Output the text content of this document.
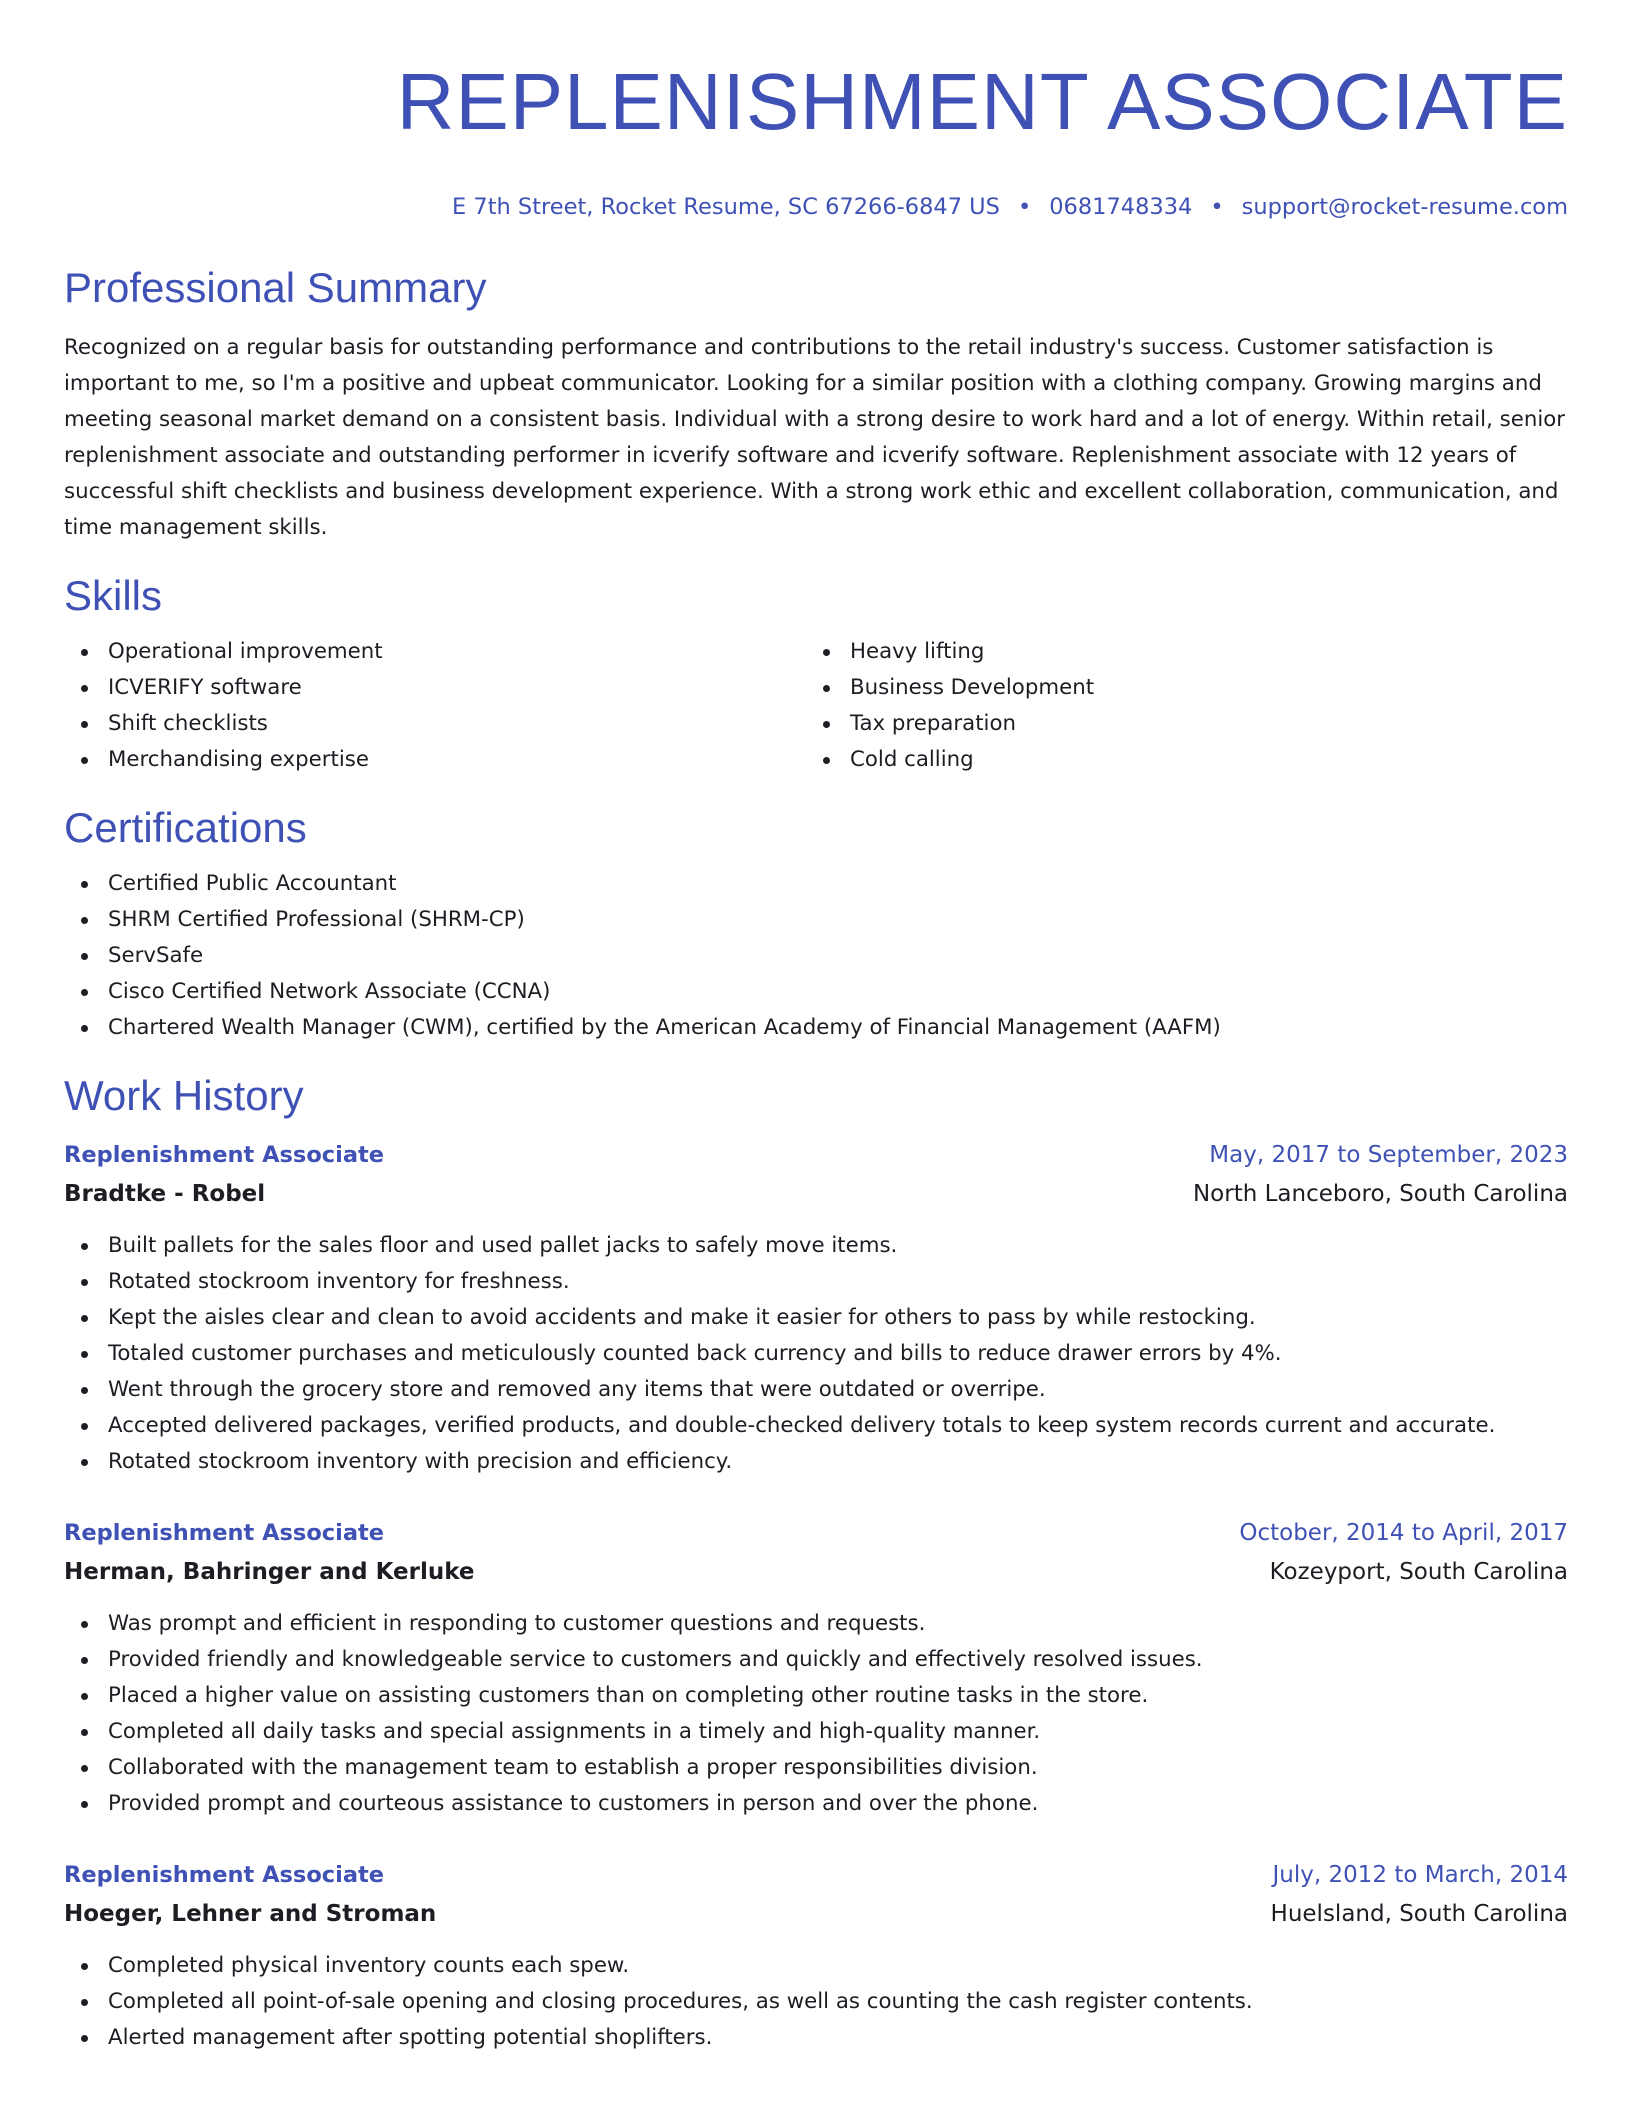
REPLENISHMENT ASSOCIATE
E 7th Street, Rocket Resume, SC 67266-6847 US • 0681748334 • support@rocket-resume.com
Professional Summary

Recognized on a regular basis for outstanding performance and contributions to the retail industry's success. Customer satisfaction is important to me, so I'm a positive and upbeat communicator. Looking for a similar position with a clothing company. Growing margins and meeting seasonal market demand on a consistent basis. Individual with a strong desire to work hard and a lot of energy. Within retail, senior replenishment associate and outstanding performer in icverify software and icverify software. Replenishment associate with 12 years of successful shift checklists and business development experience. With a strong work ethic and excellent collaboration, communication, and time management skills.

Skills
Operational improvement
ICVERIFY software
Shift checklists
Merchandising expertise
Heavy lifting
Business Development
Tax preparation
Cold calling
Certifications
Certified Public Accountant
SHRM Certified Professional (SHRM-CP)
ServSafe
Cisco Certified Network Associate (CCNA)
Chartered Wealth Manager (CWM), certified by the American Academy of Financial Management (AAFM)
Work History
Replenishment Associate	May, 2017 to September, 2023
Bradtke - Robel	North Lanceboro, South Carolina
Built pallets for the sales floor and used pallet jacks to safely move items.
Rotated stockroom inventory for freshness.
Kept the aisles clear and clean to avoid accidents and make it easier for others to pass by while restocking.
Totaled customer purchases and meticulously counted back currency and bills to reduce drawer errors by 4%.
Went through the grocery store and removed any items that were outdated or overripe.
Accepted delivered packages, verified products, and double-checked delivery totals to keep system records current and accurate.
Rotated stockroom inventory with precision and efficiency.
Replenishment Associate	October, 2014 to April, 2017
Herman, Bahringer and Kerluke	Kozeyport, South Carolina
Was prompt and efficient in responding to customer questions and requests.
Provided friendly and knowledgeable service to customers and quickly and effectively resolved issues.
Placed a higher value on assisting customers than on completing other routine tasks in the store.
Completed all daily tasks and special assignments in a timely and high-quality manner.
Collaborated with the management team to establish a proper responsibilities division.
Provided prompt and courteous assistance to customers in person and over the phone.
Replenishment Associate	July, 2012 to March, 2014
Hoeger, Lehner and Stroman	Huelsland, South Carolina
Completed physical inventory counts each spew.
Completed all point-of-sale opening and closing procedures, as well as counting the cash register contents.
Alerted management after spotting potential shoplifters.
